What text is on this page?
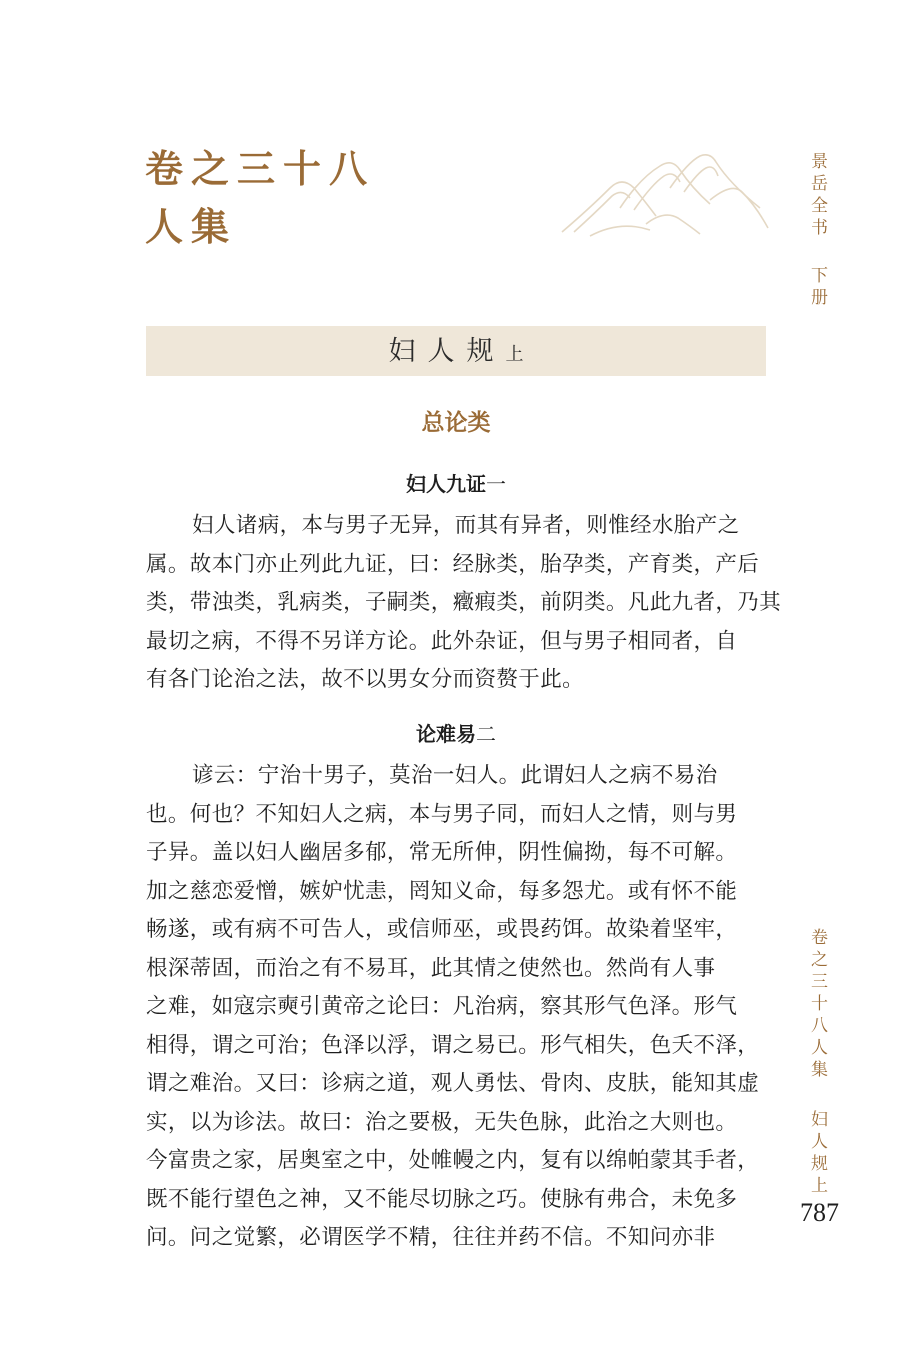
卷之三十八
人集	景岳全书下册
妇人规上
总论类
妇人九证一
妇人诸病，本与男子无异，而其有异者，则惟经水胎产之
属。故本门亦止列此九证，曰：经脉类，胎孕类，产育类，产后
类，带浊类，乳病类，子嗣类，癥瘕类，前阴类。凡此九者，乃其
最切之病，不得不另详方论。此外杂证，但与男子相同者，自
有各门论治之法，故不以男女分而资赘于此。
论难易二
谚云：宁治十男子，莫治一妇人。此谓妇人之病不易治
也。何也？不知妇人之病，本与男子同，而妇人之情，则与男
子异。盖以妇人幽居多郁，常无所伸，阴性偏拗，每不可解。
加之慈恋爱憎，嫉妒忧恚，罔知义命，每多怨尤。或有怀不能
畅遂，或有病不可告人，或信师巫，或畏药饵。故染着坚牢，
根深蒂固，而治之有不易耳，此其情之使然也。然尚有人事
之难，如寇宗奭引黄帝之论曰：凡治病，察其形气色泽。形气
相得，谓之可治；色泽以浮，谓之易已。形气相失，色夭不泽，
谓之难治。又曰：诊病之道，观人勇怯、骨肉、皮肤，能知其虚
实，以为诊法。故曰：治之要极，无失色脉，此治之大则也。
今富贵之家，居奥室之中，处帷幔之内，复有以绵帕蒙其手者，
既不能行望色之神，又不能尽切脉之巧。使脉有弗合，未免多
问。问之觉繁，必谓医学不精，往往并药不信。不知问亦非
卷之三十八人集妇人规上
787
